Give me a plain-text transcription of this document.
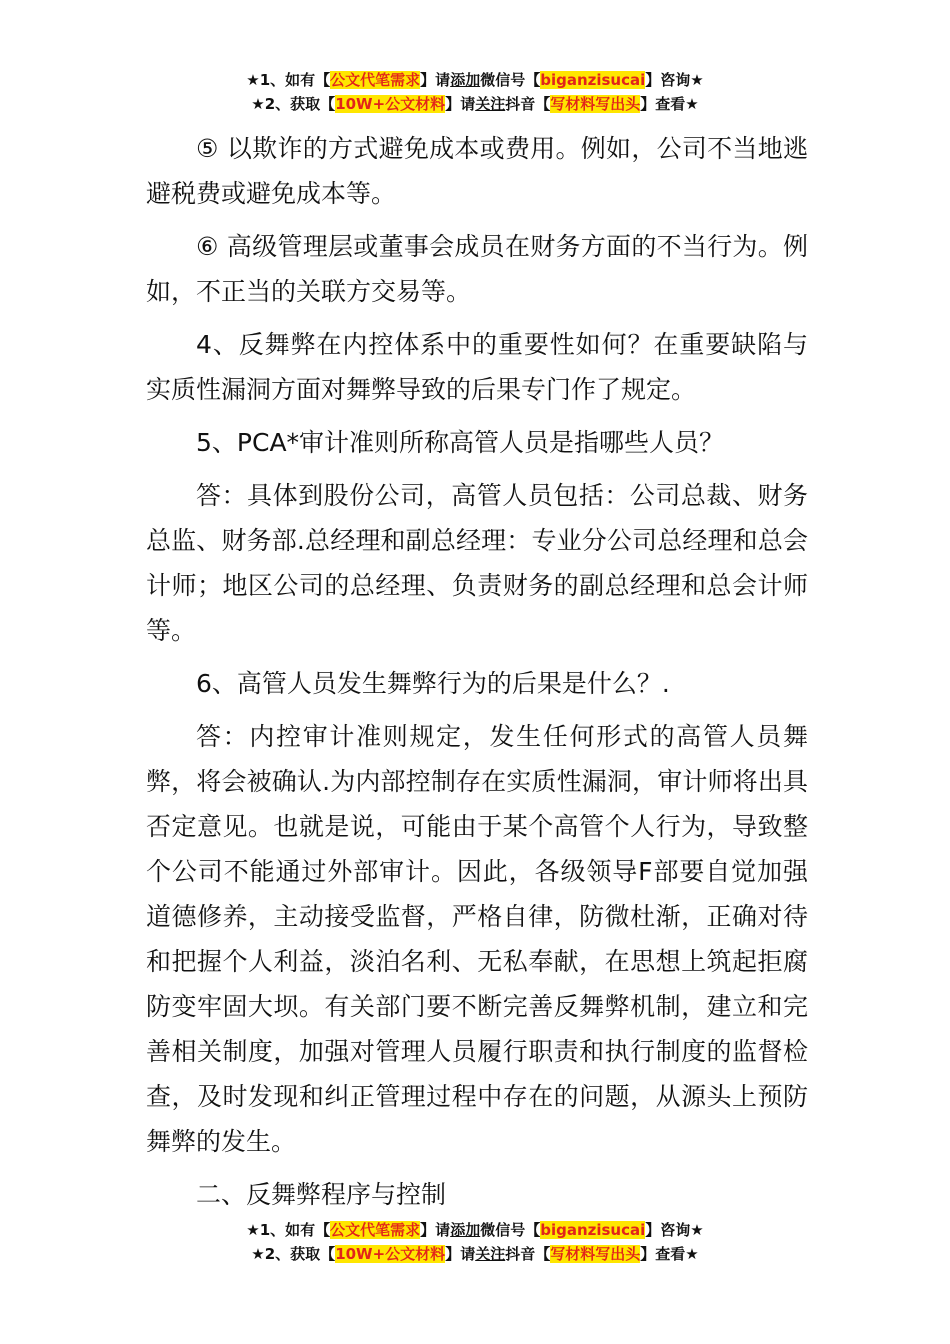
★1、如有【公文代笔需求】请添加微信号【biganzisucai】咨询★
★2、获取【10W+公文材料】请关注抖音【写材料写出头】查看★

⑤ 以欺诈的方式避免成本或费用。例如，公司不当地逃避税费或避免成本等。

⑥ 高级管理层或董事会成员在财务方面的不当行为。例如，不正当的关联方交易等。

4、反舞弊在内控体系中的重要性如何？在重要缺陷与实质性漏洞方面对舞弊导致的后果专门作了规定。

5、PCA*审计准则所称高管人员是指哪些人员？

答：具体到股份公司，高管人员包括：公司总裁、财务总监、财务部.总经理和副总经理：专业分公司总经理和总会计师；地区公司的总经理、负责财务的副总经理和总会计师等。

6、高管人员发生舞弊行为的后果是什么？.

答：内控审计准则规定，发生任何形式的高管人员舞弊，将会被确认.为内部控制存在实质性漏洞，审计师将出具否定意见。也就是说，可能由于某个高管个人行为，导致整个公司不能通过外部审计。因此，各级领导F部要自觉加强道德修养，主动接受监督，严格自律，防微杜渐，正确对待和把握个人利益，淡泊名利、无私奉献，在思想上筑起拒腐防变牢固大坝。有关部门要不断完善反舞弊机制，建立和完善相关制度，加强对管理人员履行职责和执行制度的监督检查，及时发现和纠正管理过程中存在的问题，从源头上预防舞弊的发生。

二、反舞弊程序与控制

★1、如有【公文代笔需求】请添加微信号【biganzisucai】咨询★
★2、获取【10W+公文材料】请关注抖音【写材料写出头】查看★
